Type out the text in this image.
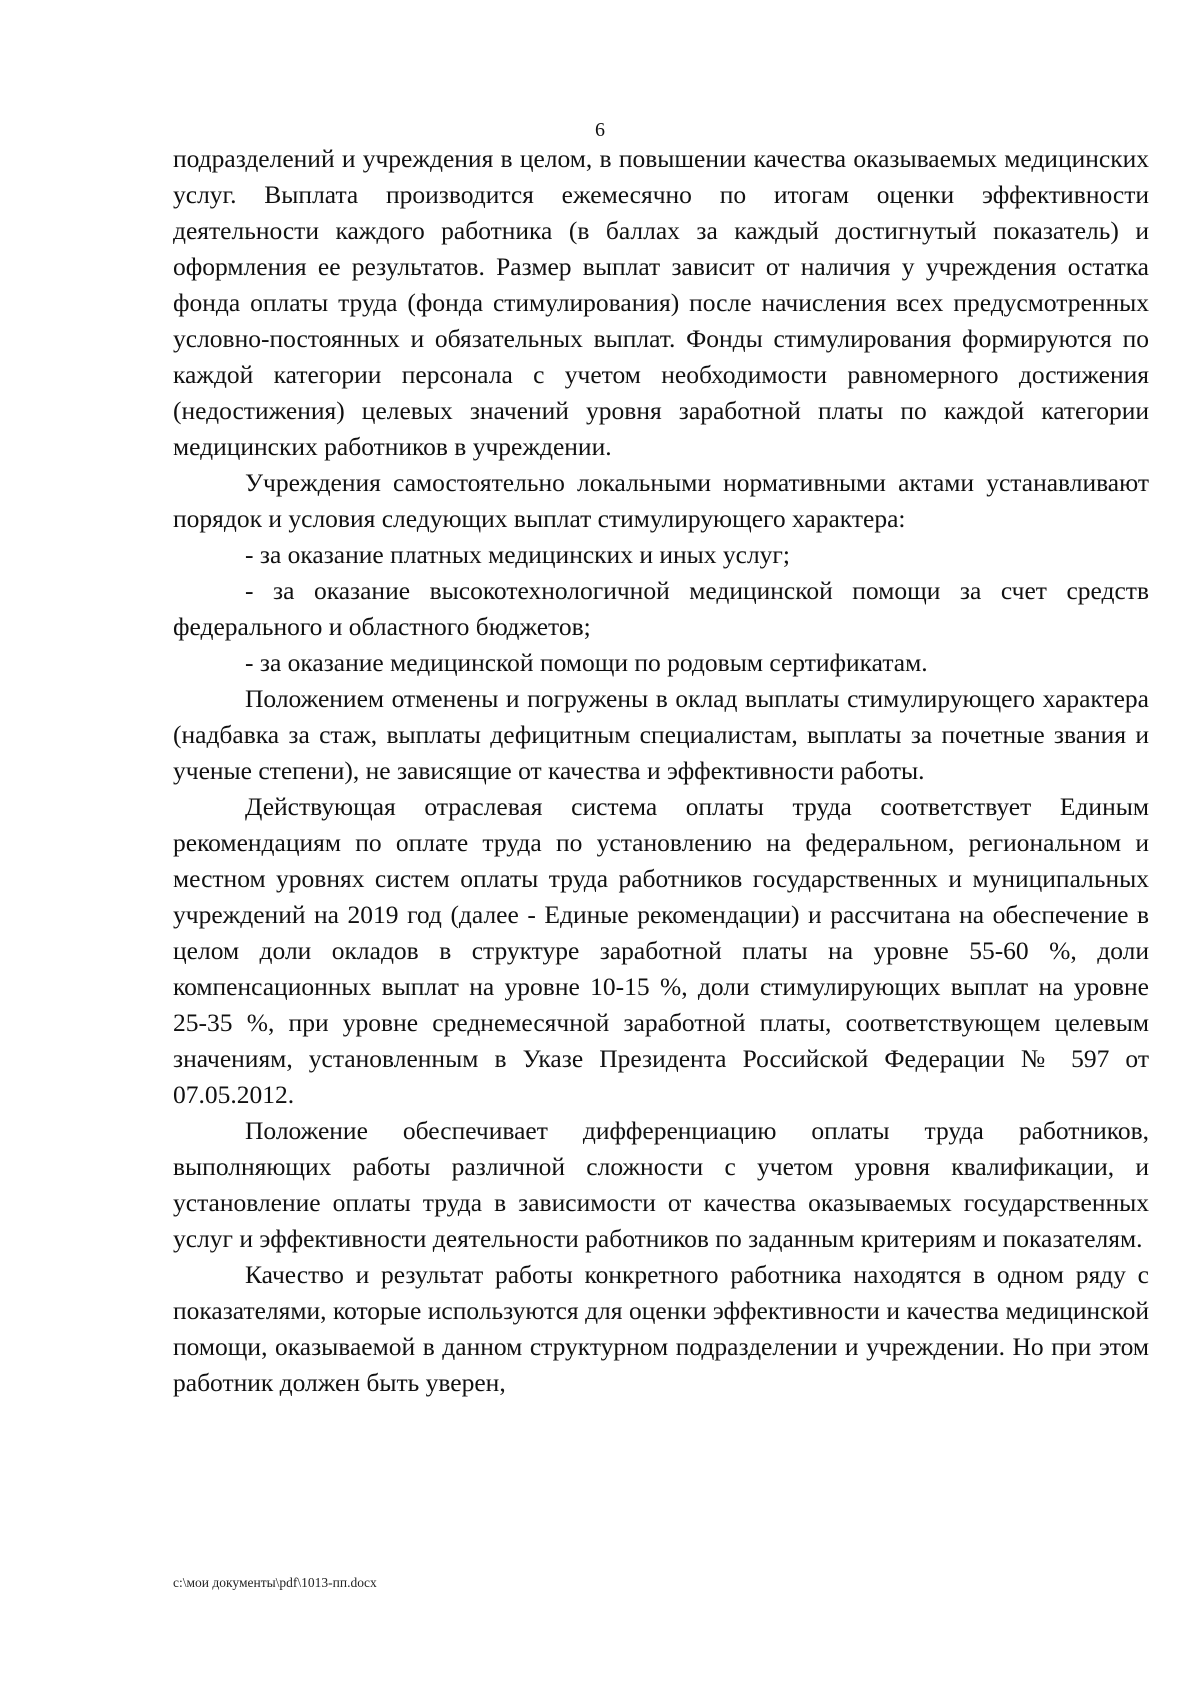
6

подразделений и учреждения в целом, в повышении качества оказываемых медицинских услуг. Выплата производится ежемесячно по итогам оценки эффективности деятельности каждого работника (в баллах за каждый достигнутый показатель) и оформления ее результатов. Размер выплат зависит от наличия у учреждения остатка фонда оплаты труда (фонда стимулирования) после начисления всех предусмотренных условно-постоянных и обязательных выплат. Фонды стимулирования формируются по каждой категории персонала с учетом необходимости равномерного достижения (недостижения) целевых значений уровня заработной платы по каждой категории медицинских работников в учреждении.

Учреждения самостоятельно локальными нормативными актами устанавливают порядок и условия следующих выплат стимулирующего характера:

- за оказание платных медицинских и иных услуг;

- за оказание высокотехнологичной медицинской помощи за счет средств федерального и областного бюджетов;

- за оказание медицинской помощи по родовым сертификатам.

Положением отменены и погружены в оклад выплаты стимулирующего характера (надбавка за стаж, выплаты дефицитным специалистам, выплаты за почетные звания и ученые степени), не зависящие от качества и эффективности работы.

Действующая отраслевая система оплаты труда соответствует Единым рекомендациям по оплате труда по установлению на федеральном, региональном и местном уровнях систем оплаты труда работников государственных и муниципальных учреждений на 2019 год (далее - Единые рекомендации) и рассчитана на обеспечение в целом доли окладов в структуре заработной платы на уровне 55-60 %, доли компенсационных выплат на уровне 10-15 %, доли стимулирующих выплат на уровне 25-35 %, при уровне среднемесячной заработной платы, соответствующем целевым значениям, установленным в Указе Президента Российской Федерации № 597 от 07.05.2012.

Положение обеспечивает дифференциацию оплаты труда работников, выполняющих работы различной сложности с учетом уровня квалификации, и установление оплаты труда в зависимости от качества оказываемых государственных услуг и эффективности деятельности работников по заданным критериям и показателям.

Качество и результат работы конкретного работника находятся в одном ряду с показателями, которые используются для оценки эффективности и качества медицинской помощи, оказываемой в данном структурном подразделении и учреждении. Но при этом работник должен быть уверен,

c:\мои документы\pdf\1013-пп.docx
